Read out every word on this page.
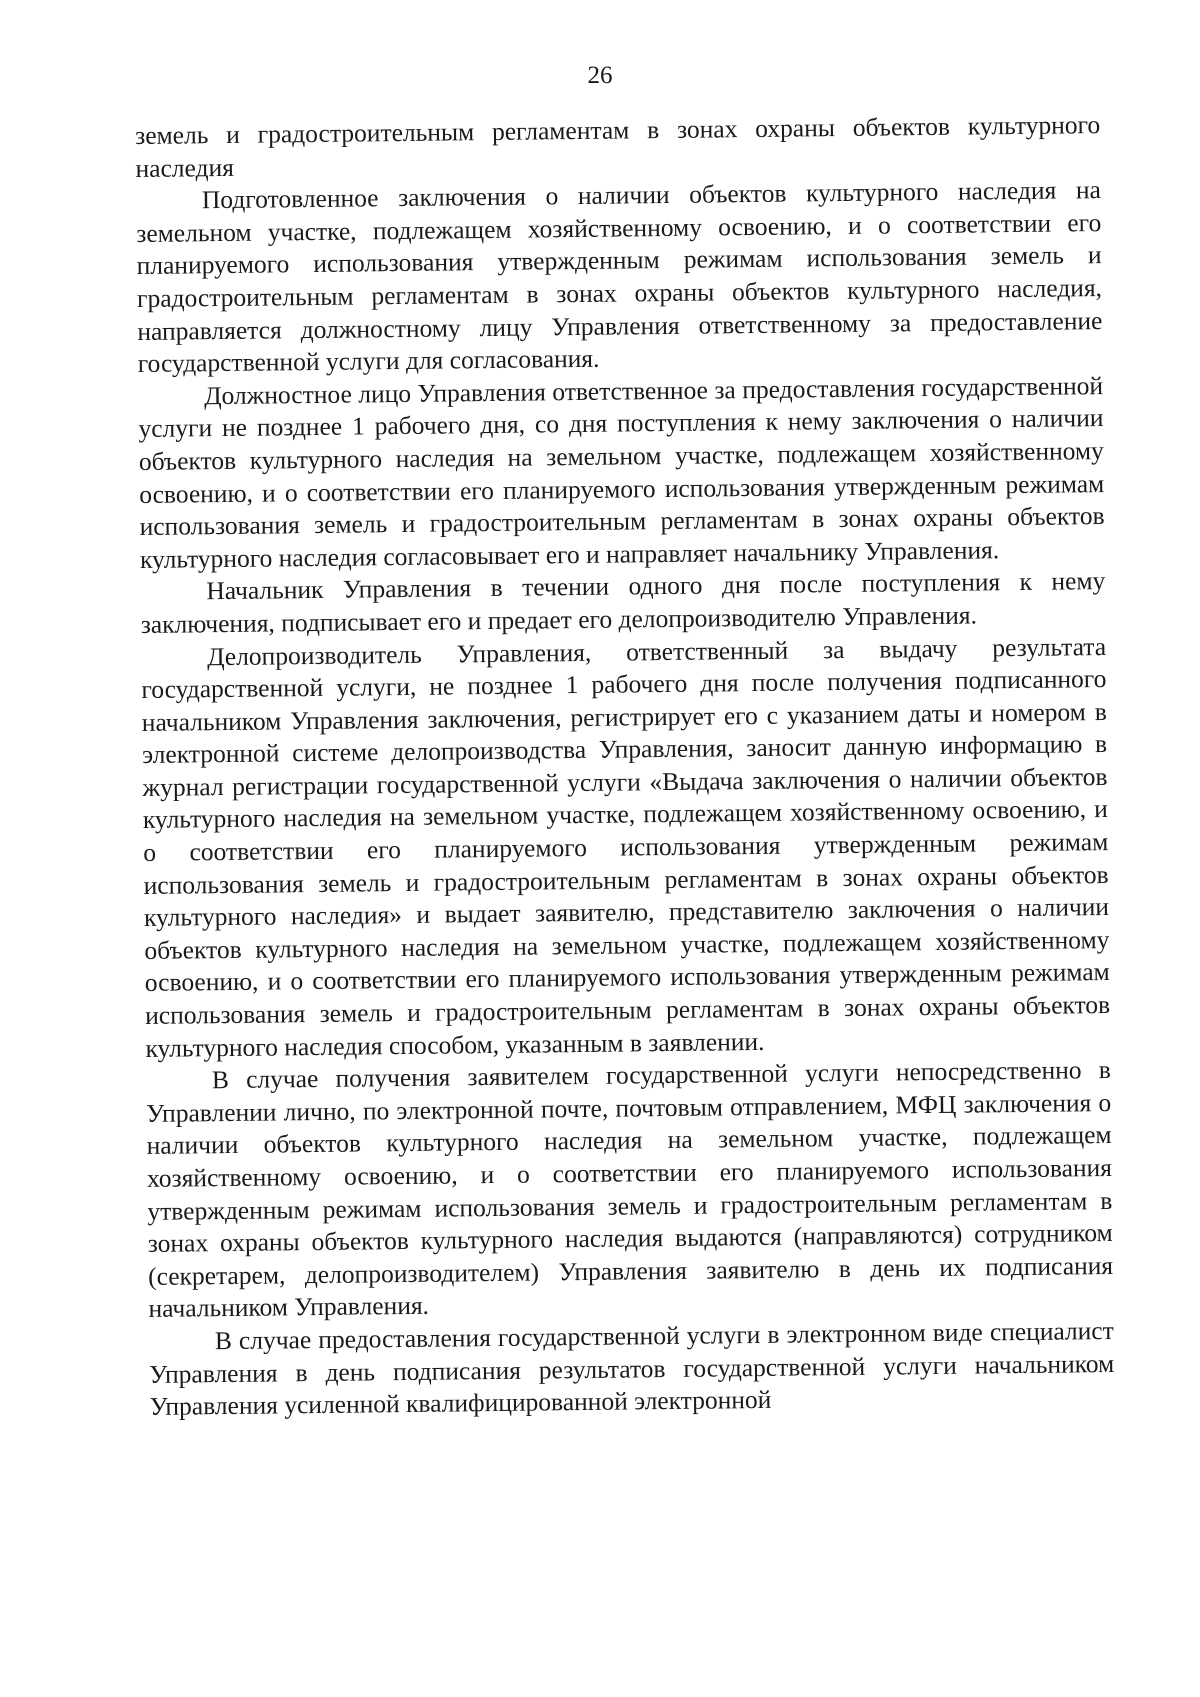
26

земель и градостроительным регламентам в зонах охраны объектов культурного наследия

Подготовленное заключения о наличии объектов культурного наследия на земельном участке, подлежащем хозяйственному освоению, и о соответствии его планируемого использования утвержденным режимам использования земель и градостроительным регламентам в зонах охраны объектов культурного наследия, направляется должностному лицу Управления ответственному за предоставление государственной услуги для согласования.

Должностное лицо Управления ответственное за предоставления государственной услуги не позднее 1 рабочего дня, со дня поступления к нему заключения о наличии объектов культурного наследия на земельном участке, подлежащем хозяйственному освоению, и о соответствии его планируемого использования утвержденным режимам использования земель и градостроительным регламентам в зонах охраны объектов культурного наследия согласовывает его и направляет начальнику Управления.

Начальник Управления в течении одного дня после поступления к нему заключения, подписывает его и предает его делопроизводителю Управления.

Делопроизводитель Управления, ответственный за выдачу результата государственной услуги, не позднее 1 рабочего дня после получения подписанного начальником Управления заключения, регистрирует его с указанием даты и номером в электронной системе делопроизводства Управления, заносит данную информацию в журнал регистрации государственной услуги «Выдача заключения о наличии объектов культурного наследия на земельном участке, подлежащем хозяйственному освоению, и о соответствии его планируемого использования утвержденным режимам использования земель и градостроительным регламентам в зонах охраны объектов культурного наследия» и выдает заявителю, представителю заключения о наличии объектов культурного наследия на земельном участке, подлежащем хозяйственному освоению, и о соответствии его планируемого использования утвержденным режимам использования земель и градостроительным регламентам в зонах охраны объектов культурного наследия способом, указанным в заявлении.

В случае получения заявителем государственной услуги непосредственно в Управлении лично, по электронной почте, почтовым отправлением, МФЦ заключения о наличии объектов культурного наследия на земельном участке, подлежащем хозяйственному освоению, и о соответствии его планируемого использования утвержденным режимам использования земель и градостроительным регламентам в зонах охраны объектов культурного наследия выдаются (направляются) сотрудником (секретарем, делопроизводителем) Управления заявителю в день их подписания начальником Управления.

В случае предоставления государственной услуги в электронном виде специалист Управления в день подписания результатов государственной услуги начальником Управления усиленной квалифицированной электронной
